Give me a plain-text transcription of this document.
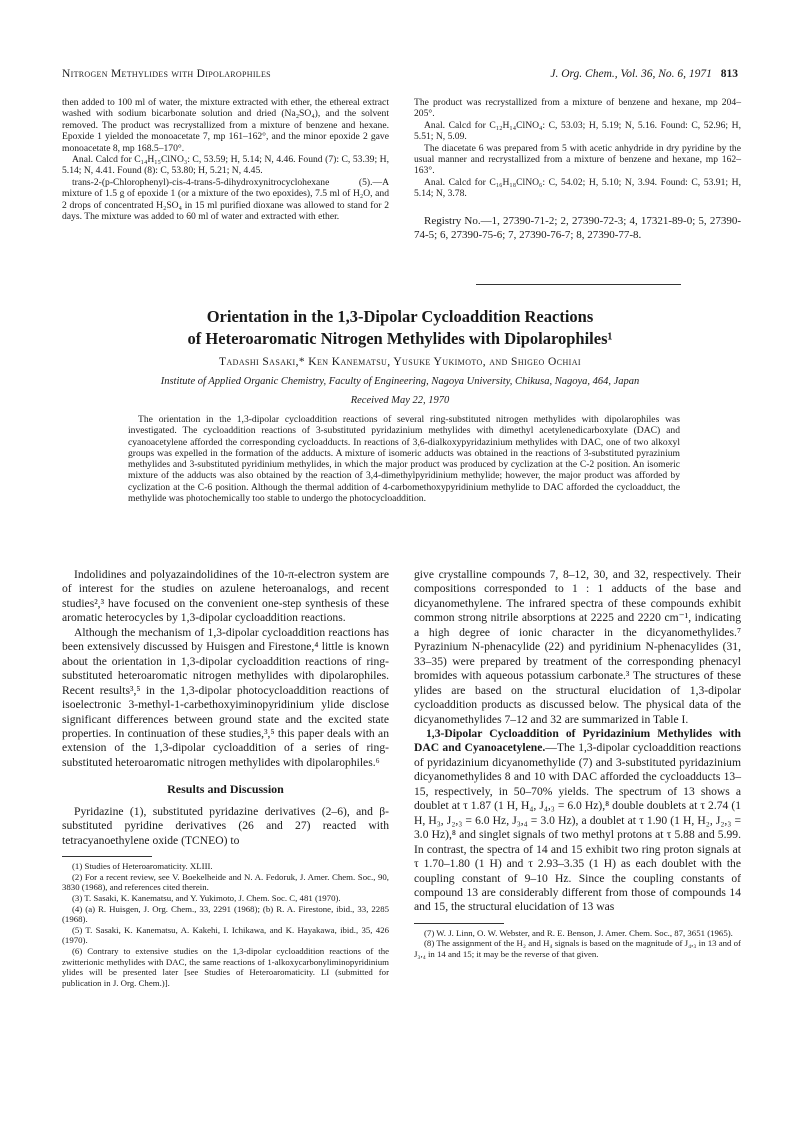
Nitrogen Methylides with Dipolarophiles	J. Org. Chem., Vol. 36, No. 6, 1971 813

then added to 100 ml of water, the mixture extracted with ether, the ethereal extract washed with sodium bicarbonate solution and dried (Na₂SO₄), and the solvent removed. The product was recrystallized from a mixture of benzene and hexane. Epoxide 1 yielded the monoacetate 7, mp 161–162°, and the minor epoxide 2 gave monoacetate 8, mp 168.5–170°.

Anal. Calcd for C₁₄H₁₅ClNO₃: C, 53.59; H, 5.14; N, 4.46. Found (7): C, 53.39; H, 5.14; N, 4.41. Found (8): C, 53.80; H, 5.21; N, 4.45.

trans-2-(p-Chlorophenyl)-cis-4-trans-5-dihydroxynitrocyclohexane (5).—A mixture of 1.5 g of epoxide 1 (or a mixture of the two epoxides), 7.5 ml of H₂O, and 2 drops of concentrated H₂SO₄ in 15 ml purified dioxane was allowed to stand for 2 days. The mixture was added to 60 ml of water and extracted with ether.

The product was recrystallized from a mixture of benzene and hexane, mp 204–205°.

Anal. Calcd for C₁₂H₁₄ClNO₄: C, 53.03; H, 5.19; N, 5.16. Found: C, 52.96; H, 5.51; N, 5.09.

The diacetate 6 was prepared from 5 with acetic anhydride in dry pyridine by the usual manner and recrystallized from a mixture of benzene and hexane, mp 162–163°.

Anal. Calcd for C₁₆H₁₈ClNO₆: C, 54.02; H, 5.10; N, 3.94. Found: C, 53.91; H, 5.14; N, 3.78.

Registry No.—1, 27390-71-2; 2, 27390-72-3; 4, 17321-89-0; 5, 27390-74-5; 6, 27390-75-6; 7, 27390-76-7; 8, 27390-77-8.

Orientation in the 1,3-Dipolar Cycloaddition Reactions
of Heteroaromatic Nitrogen Methylides with Dipolarophiles¹
Tadashi Sasaki,* Ken Kanematsu, Yusuke Yukimoto, and Shigeo Ochiai
Institute of Applied Organic Chemistry, Faculty of Engineering, Nagoya University, Chikusa, Nagoya, 464, Japan
Received May 22, 1970
The orientation in the 1,3-dipolar cycloaddition reactions of several ring-substituted nitrogen methylides with dipolarophiles was investigated. The cycloaddition reactions of 3-substituted pyridazinium methylides with dimethyl acetylenedicarboxylate (DAC) and cyanoacetylene afforded the corresponding cycloadducts. In reactions of 3,6-dialkoxypyridazinium methylides with DAC, one of two alkoxyl groups was expelled in the formation of the adducts. A mixture of isomeric adducts was obtained in the reactions of 3-substituted pyrazinium methylides and 3-substituted pyridinium methylides, in which the major product was produced by cyclization at the C-2 position. An isomeric mixture of the adducts was also obtained by the reaction of 3,4-dimethylpyridinium methylide; however, the major product was afforded by cyclization at the C-6 position. Although the thermal addition of 4-carbomethoxypyridinium methylide to DAC afforded the cycloadduct, the methylide was photochemically too stable to undergo the photocycloaddition.

Indolidines and polyazaindolidines of the 10-π-electron system are of interest for the studies on azulene heteroanalogs, and recent studies²,³ have focused on the convenient one-step synthesis of these aromatic heterocycles by 1,3-dipolar cycloaddition reactions.

Although the mechanism of 1,3-dipolar cycloaddition reactions has been extensively discussed by Huisgen and Firestone,⁴ little is known about the orientation in 1,3-dipolar cycloaddition reactions of ring-substituted heteroaromatic nitrogen methylides with dipolarophiles. Recent results³,⁵ in the 1,3-dipolar photocycloaddition reactions of isoelectronic 3-methyl-1-carbethoxyiminopyridinium ylide disclose significant differences between ground state and the excited state properties. In continuation of these studies,³,⁵ this paper deals with an extension of the 1,3-dipolar cycloaddition of a series of ring-substituted heteroaromatic nitrogen methylides with dipolarophiles.⁶

Results and Discussion

Pyridazine (1), substituted pyridazine derivatives (2–6), and β-substituted pyridine derivatives (26 and 27) reacted with tetracyanoethylene oxide (TCNEO) to

(1) Studies of Heteroaromaticity. XLIII.
(2) For a recent review, see V. Boekelheide and N. A. Fedoruk, J. Amer. Chem. Soc., 90, 3830 (1968), and references cited therein.
(3) T. Sasaki, K. Kanematsu, and Y. Yukimoto, J. Chem. Soc. C, 481 (1970).
(4) (a) R. Huisgen, J. Org. Chem., 33, 2291 (1968); (b) R. A. Firestone, ibid., 33, 2285 (1968).
(5) T. Sasaki, K. Kanematsu, A. Kakehi, I. Ichikawa, and K. Hayakawa, ibid., 35, 426 (1970).
(6) Contrary to extensive studies on the 1,3-dipolar cycloaddition reactions of the zwitterionic methylides with DAC, the same reactions of 1-alkoxycarbonyliminopyridinium ylides will be presented later [see Studies of Heteroaromaticity. LI (submitted for publication in J. Org. Chem.)].

give crystalline compounds 7, 8–12, 30, and 32, respectively. Their compositions corresponded to 1 : 1 adducts of the base and dicyanomethylene. The infrared spectra of these compounds exhibit common strong nitrile absorptions at 2225 and 2220 cm⁻¹, indicating a high degree of ionic character in the dicyanomethylides.⁷ Pyrazinium N-phenacylide (22) and pyridinium N-phenacylides (31, 33–35) were prepared by treatment of the corresponding phenacyl bromides with aqueous potassium carbonate.³ The structures of these ylides are based on the structural elucidation of 1,3-dipolar cycloaddition products as discussed below. The physical data of the dicyanomethylides 7–12 and 32 are summarized in Table I.

1,3-Dipolar Cycloaddition of Pyridazinium Methylides with DAC and Cyanoacetylene.—The 1,3-dipolar cycloaddition reactions of pyridazinium dicyanomethylide (7) and 3-substituted pyridazinium dicyanomethylides 8 and 10 with DAC afforded the cycloadducts 13–15, respectively, in 50–70% yields. The spectrum of 13 shows a doublet at τ 1.87 (1 H, H₄, J₄,₃ = 6.0 Hz),⁸ double doublets at τ 2.74 (1 H, H₃, J₂,₃ = 6.0 Hz, J₃,₄ = 3.0 Hz), a doublet at τ 1.90 (1 H, H₂, J₂,₃ = 3.0 Hz),⁸ and singlet signals of two methyl protons at τ 5.88 and 5.99. In contrast, the spectra of 14 and 15 exhibit two ring proton signals at τ 1.70–1.80 (1 H) and τ 2.93–3.35 (1 H) as each doublet with the coupling constant of 9–10 Hz. Since the coupling constants of compound 13 are considerably different from those of compounds 14 and 15, the structural elucidation of 13 was

(7) W. J. Linn, O. W. Webster, and R. E. Benson, J. Amer. Chem. Soc., 87, 3651 (1965).
(8) The assignment of the H₂ and H₄ signals is based on the magnitude of J₄,₃ in 13 and of J₃,₄ in 14 and 15; it may be the reverse of that given.
